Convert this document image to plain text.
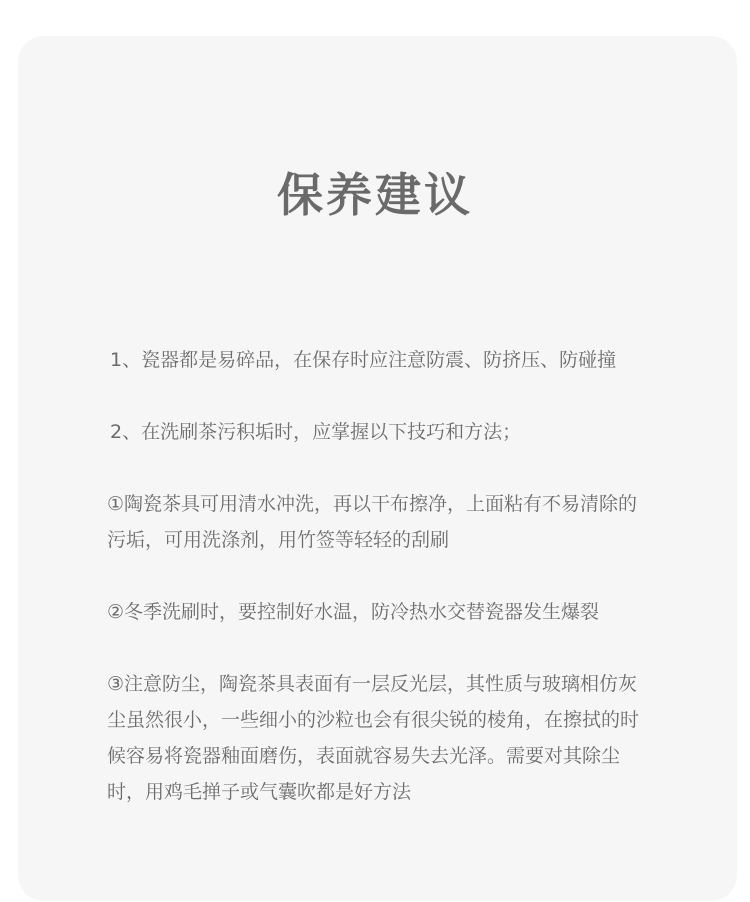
保养建议

1、瓷器都是易碎品，在保存时应注意防震、防挤压、防碰撞

2、在洗刷茶污积垢时，应掌握以下技巧和方法；

①陶瓷茶具可用清水冲洗，再以干布擦净，上面粘有不易清除的污垢，可用洗涤剂，用竹签等轻轻的刮刷

②冬季洗刷时，要控制好水温，防冷热水交替瓷器发生爆裂

③注意防尘，陶瓷茶具表面有一层反光层，其性质与玻璃相仿灰尘虽然很小，一些细小的沙粒也会有很尖锐的棱角，在擦拭的时候容易将瓷器釉面磨伤，表面就容易失去光泽。需要对其除尘时，用鸡毛掸子或气囊吹都是好方法
